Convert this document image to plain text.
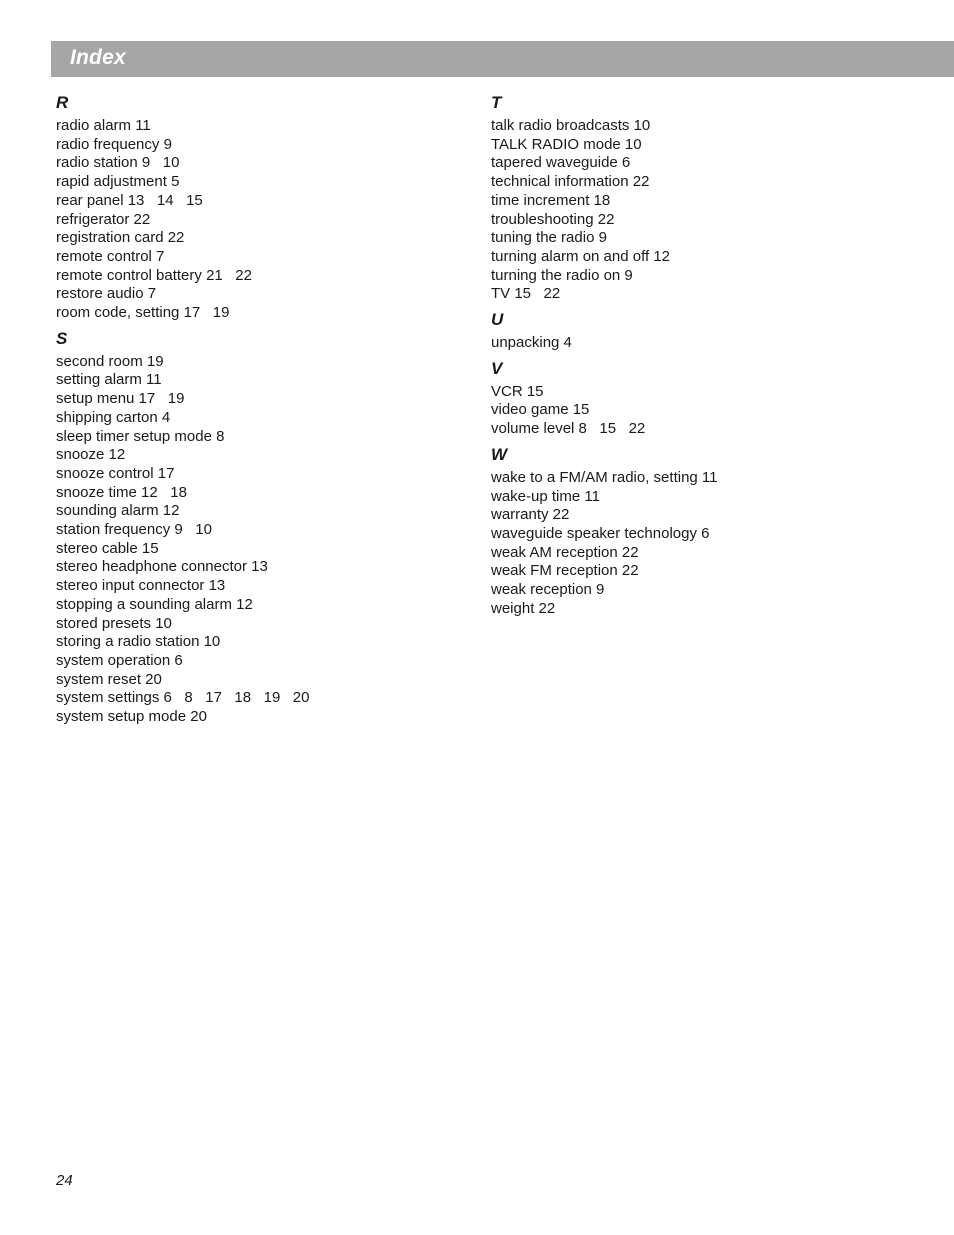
Index
R
radio alarm 11
radio frequency 9
radio station 9   10
rapid adjustment 5
rear panel 13   14   15
refrigerator 22
registration card 22
remote control 7
remote control battery 21   22
restore audio 7
room code, setting 17   19
S
second room 19
setting alarm 11
setup menu 17   19
shipping carton 4
sleep timer setup mode 8
snooze 12
snooze control 17
snooze time 12   18
sounding alarm 12
station frequency 9   10
stereo cable 15
stereo headphone connector 13
stereo input connector 13
stopping a sounding alarm 12
stored presets 10
storing a radio station 10
system operation 6
system reset 20
system settings 6   8   17   18   19   20
system setup mode 20
T
talk radio broadcasts 10
TALK RADIO mode 10
tapered waveguide 6
technical information 22
time increment 18
troubleshooting 22
tuning the radio 9
turning alarm on and off 12
turning the radio on 9
TV 15   22
U
unpacking 4
V
VCR 15
video game 15
volume level 8   15   22
W
wake to a FM/AM radio, setting 11
wake-up time 11
warranty 22
waveguide speaker technology 6
weak AM reception 22
weak FM reception 22
weak reception 9
weight 22
24
